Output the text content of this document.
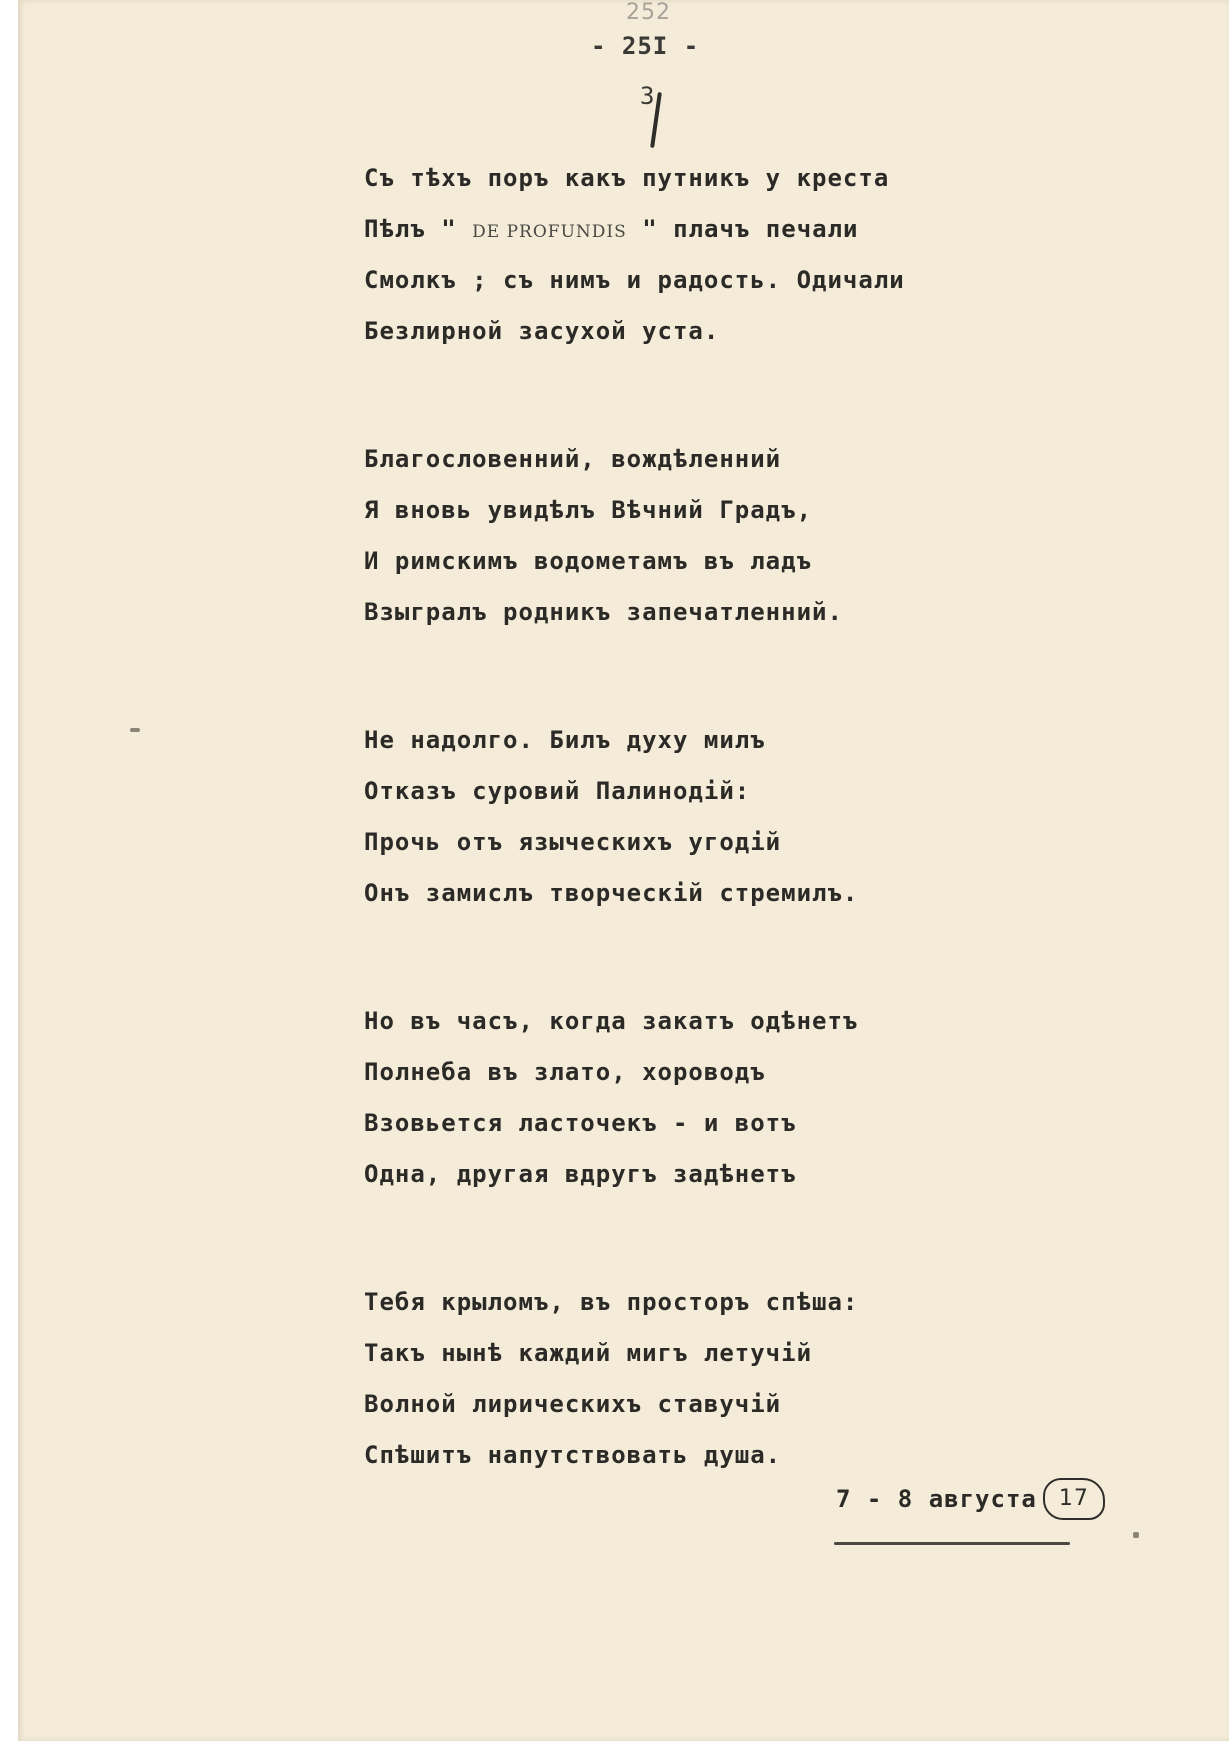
252
- 25I -
3
Съ тѣхъ поръ какъ путникъ у креста
Пѣлъ " DE PROFUNDIS " плачъ печали
Смолкъ ; съ нимъ и радость. Одичали
Безлирной засухой уста.
Благословенний, вождѣленний
Я вновь увидѣлъ Вѣчний Градъ,
И римскимъ водометамъ въ ладъ
Взыгралъ родникъ запечатленний.
Не надолго. Билъ духу милъ
Отказъ суровий Палинодій:
Прочь отъ языческихъ угодій
Онъ замислъ творческій стремилъ.
Но въ часъ, когда закатъ одѣнетъ
Полнеба въ злато, хороводъ
Взовьется ласточекъ - и вотъ
Одна, другая вдругъ задѣнетъ
Тебя крыломъ, въ просторъ спѣша:
Такъ нынѣ каждий мигъ летучій
Волной лирическихъ ставучій
Спѣшитъ напутствовать душа.
7 - 8 августа 17
